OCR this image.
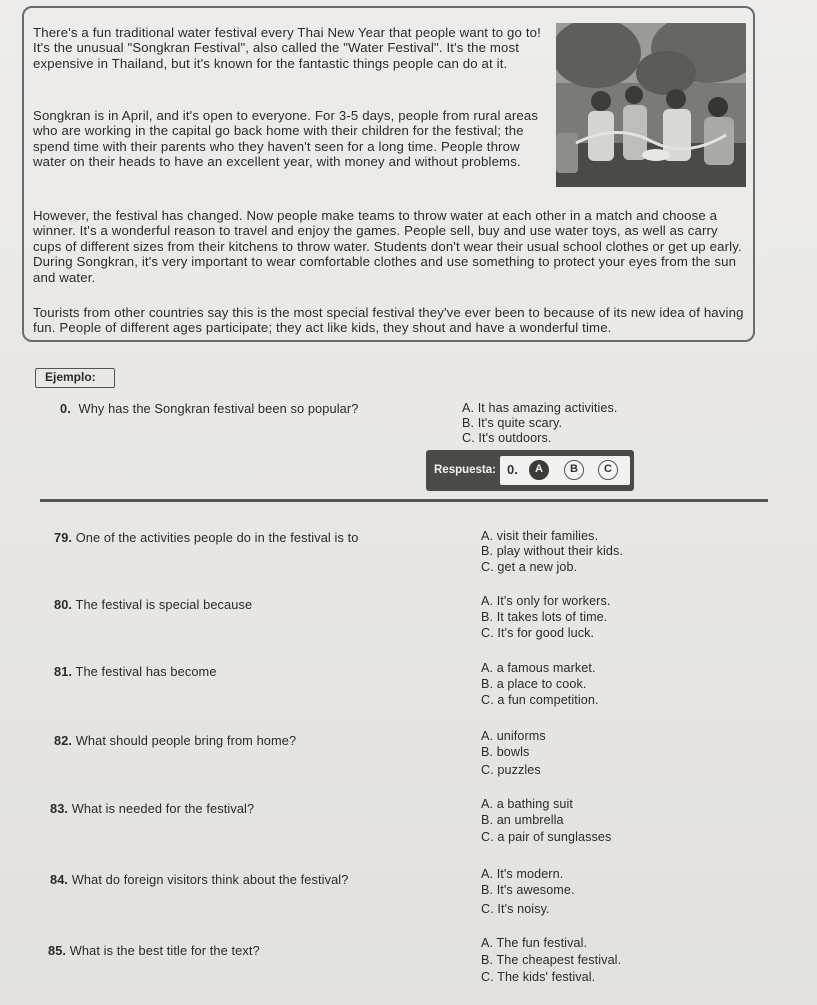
There's a fun traditional water festival every Thai New Year that people want to go to! It's the unusual "Songkran Festival", also called the "Water Festival". It's the most expensive in Thailand, but it's known for the fantastic things people can do at it.

Songkran is in April, and it's open to everyone. For 3-5 days, people from rural areas who are working in the capital go back home with their children for the festival; the spend time with their parents who they haven't seen for a long time. People throw water on their heads to have an excellent year, with money and without problems.

However, the festival has changed. Now people make teams to throw water at each other in a match and choose a winner. It's a wonderful reason to travel and enjoy the games. People sell, buy and use water toys, as well as carry cups of different sizes from their kitchens to throw water. Students don't wear their usual school clothes or get up early. During Songkran, it's very important to wear comfortable clothes and use something to protect your eyes from the sun and water.

Tourists from other countries say this is the most special festival they've ever been to because of its new idea of having fun. People of different ages participate; they act like kids, they shout and have a wonderful time.

Ejemplo:
0. Why has the Songkran festival been so popular?	A. It has amazing activities.
B. It's quite scary.
C. It's outdoors.
Respuesta: 0.	A	B	C
79. One of the activities people do in the festival is to	A. visit their families.
B. play without their kids.
C. get a new job.
80. The festival is special because	A. It's only for workers.
B. It takes lots of time.
C. It's for good luck.
81. The festival has become	A. a famous market.
B. a place to cook.
C. a fun competition.
82. What should people bring from home?	A. uniforms
B. bowls
C. puzzles
83. What is needed for the festival?	A. a bathing suit
B. an umbrella
C. a pair of sunglasses
84. What do foreign visitors think about the festival?	A. It's modern.
B. It's awesome.
C. It's noisy.
85. What is the best title for the text?	A. The fun festival.
B. The cheapest festival.
C. The kids' festival.
